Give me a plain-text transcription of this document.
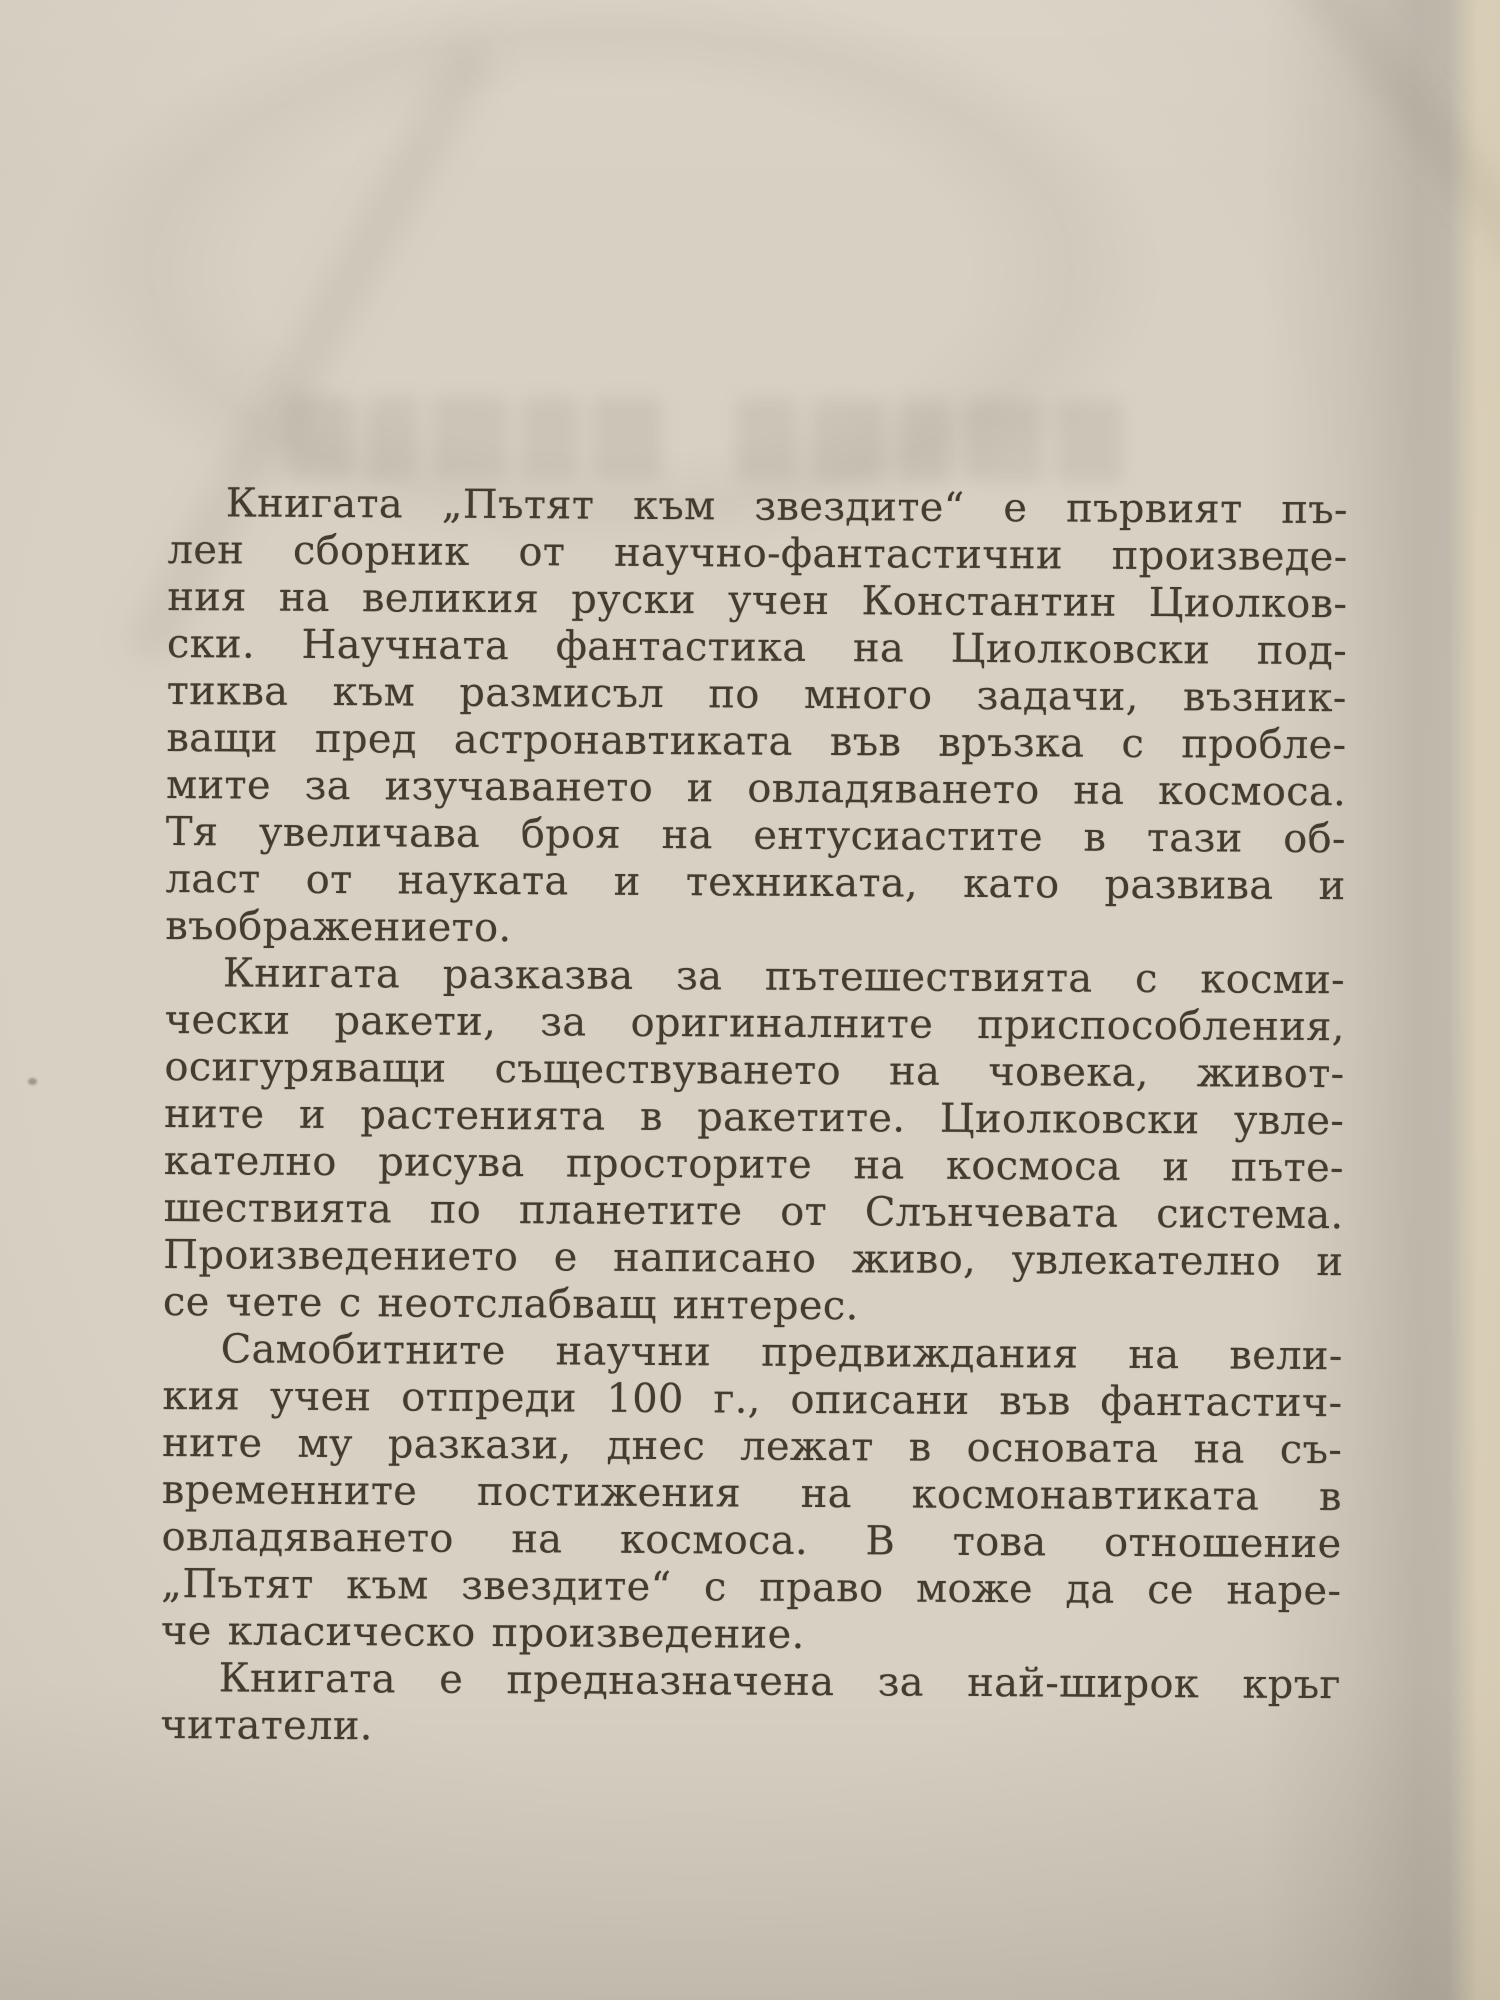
Книгата „Пътят към звездите“ е първият пъ-
лен сборник от научно-фантастични произведе-
ния на великия руски учен Константин Циолков-
ски. Научната фантастика на Циолковски под-
тиква към размисъл по много задачи, възник-
ващи пред астронавтиката във връзка с пробле-
мите за изучаването и овладяването на космоса.
Тя увеличава броя на ентусиастите в тази об-
ласт от науката и техниката, като развива и
въображението.

Книгата разказва за пътешествията с косми-
чески ракети, за оригиналните приспособления,
осигуряващи съществуването на човека, живот-
ните и растенията в ракетите. Циолковски увле-
кателно рисува просторите на космоса и пъте-
шествията по планетите от Слънчевата система.
Произведението е написано живо, увлекателно и
се чете с неотслабващ интерес.

Самобитните научни предвиждания на вели-
кия учен отпреди 100 г., описани във фантастич-
ните му разкази, днес лежат в основата на съ-
временните постижения на космонавтиката в
овладяването на космоса. В това отношение
„Пътят към звездите“ с право може да се наре-
че класическо произведение.

Книгата е предназначена за най-широк кръг
читатели.
